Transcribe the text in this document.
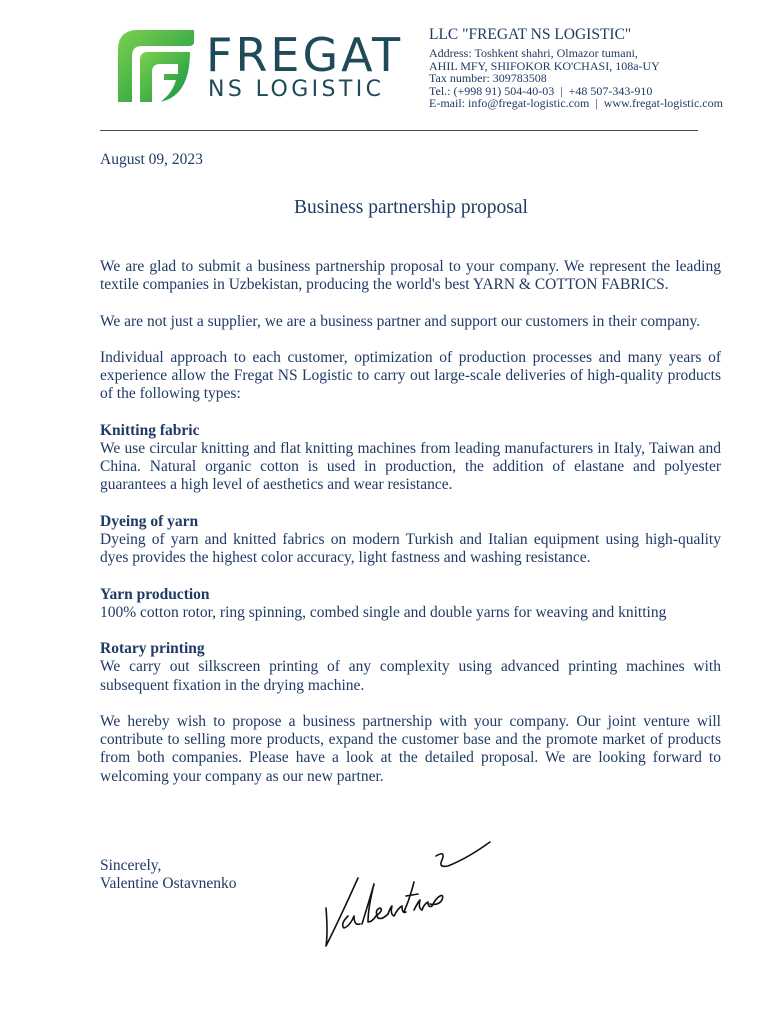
FREGAT
NS LOGISTIC
LLC "FREGAT NS LOGISTIC"
Address: Toshkent shahri, Olmazor tumani,
AHIL MFY, SHIFOKOR KO'CHASI, 108a-UY
Tax number: 309783508
Tel.: (+998 91) 504-40-03 | +48 507-343-910
E-mail: info@fregat-logistic.com | www.fregat-logistic.com
August 09, 2023
Business partnership proposal

We are glad to submit a business partnership proposal to your company. We represent the leading textile companies in Uzbekistan, producing the world's best YARN & COTTON FABRICS.

We are not just a supplier, we are a business partner and support our customers in their company.

Individual approach to each customer, optimization of production processes and many years of experience allow the Fregat NS Logistic to carry out large-scale deliveries of high-quality products of the following types:

Knitting fabric

We use circular knitting and flat knitting machines from leading manufacturers in Italy, Taiwan and China. Natural organic cotton is used in production, the addition of elastane and polyester guarantees a high level of aesthetics and wear resistance.

Dyeing of yarn

Dyeing of yarn and knitted fabrics on modern Turkish and Italian equipment using high-quality dyes provides the highest color accuracy, light fastness and washing resistance.

Yarn production

100% cotton rotor, ring spinning, combed single and double yarns for weaving and knitting

Rotary printing

We carry out silkscreen printing of any complexity using advanced printing machines with subsequent fixation in the drying machine.

We hereby wish to propose a business partnership with your company. Our joint venture will contribute to selling more products, expand the customer base and the promote market of products from both companies. Please have a look at the detailed proposal. We are looking forward to welcoming your company as our new partner.

Sincerely,
Valentine Ostavnenko
